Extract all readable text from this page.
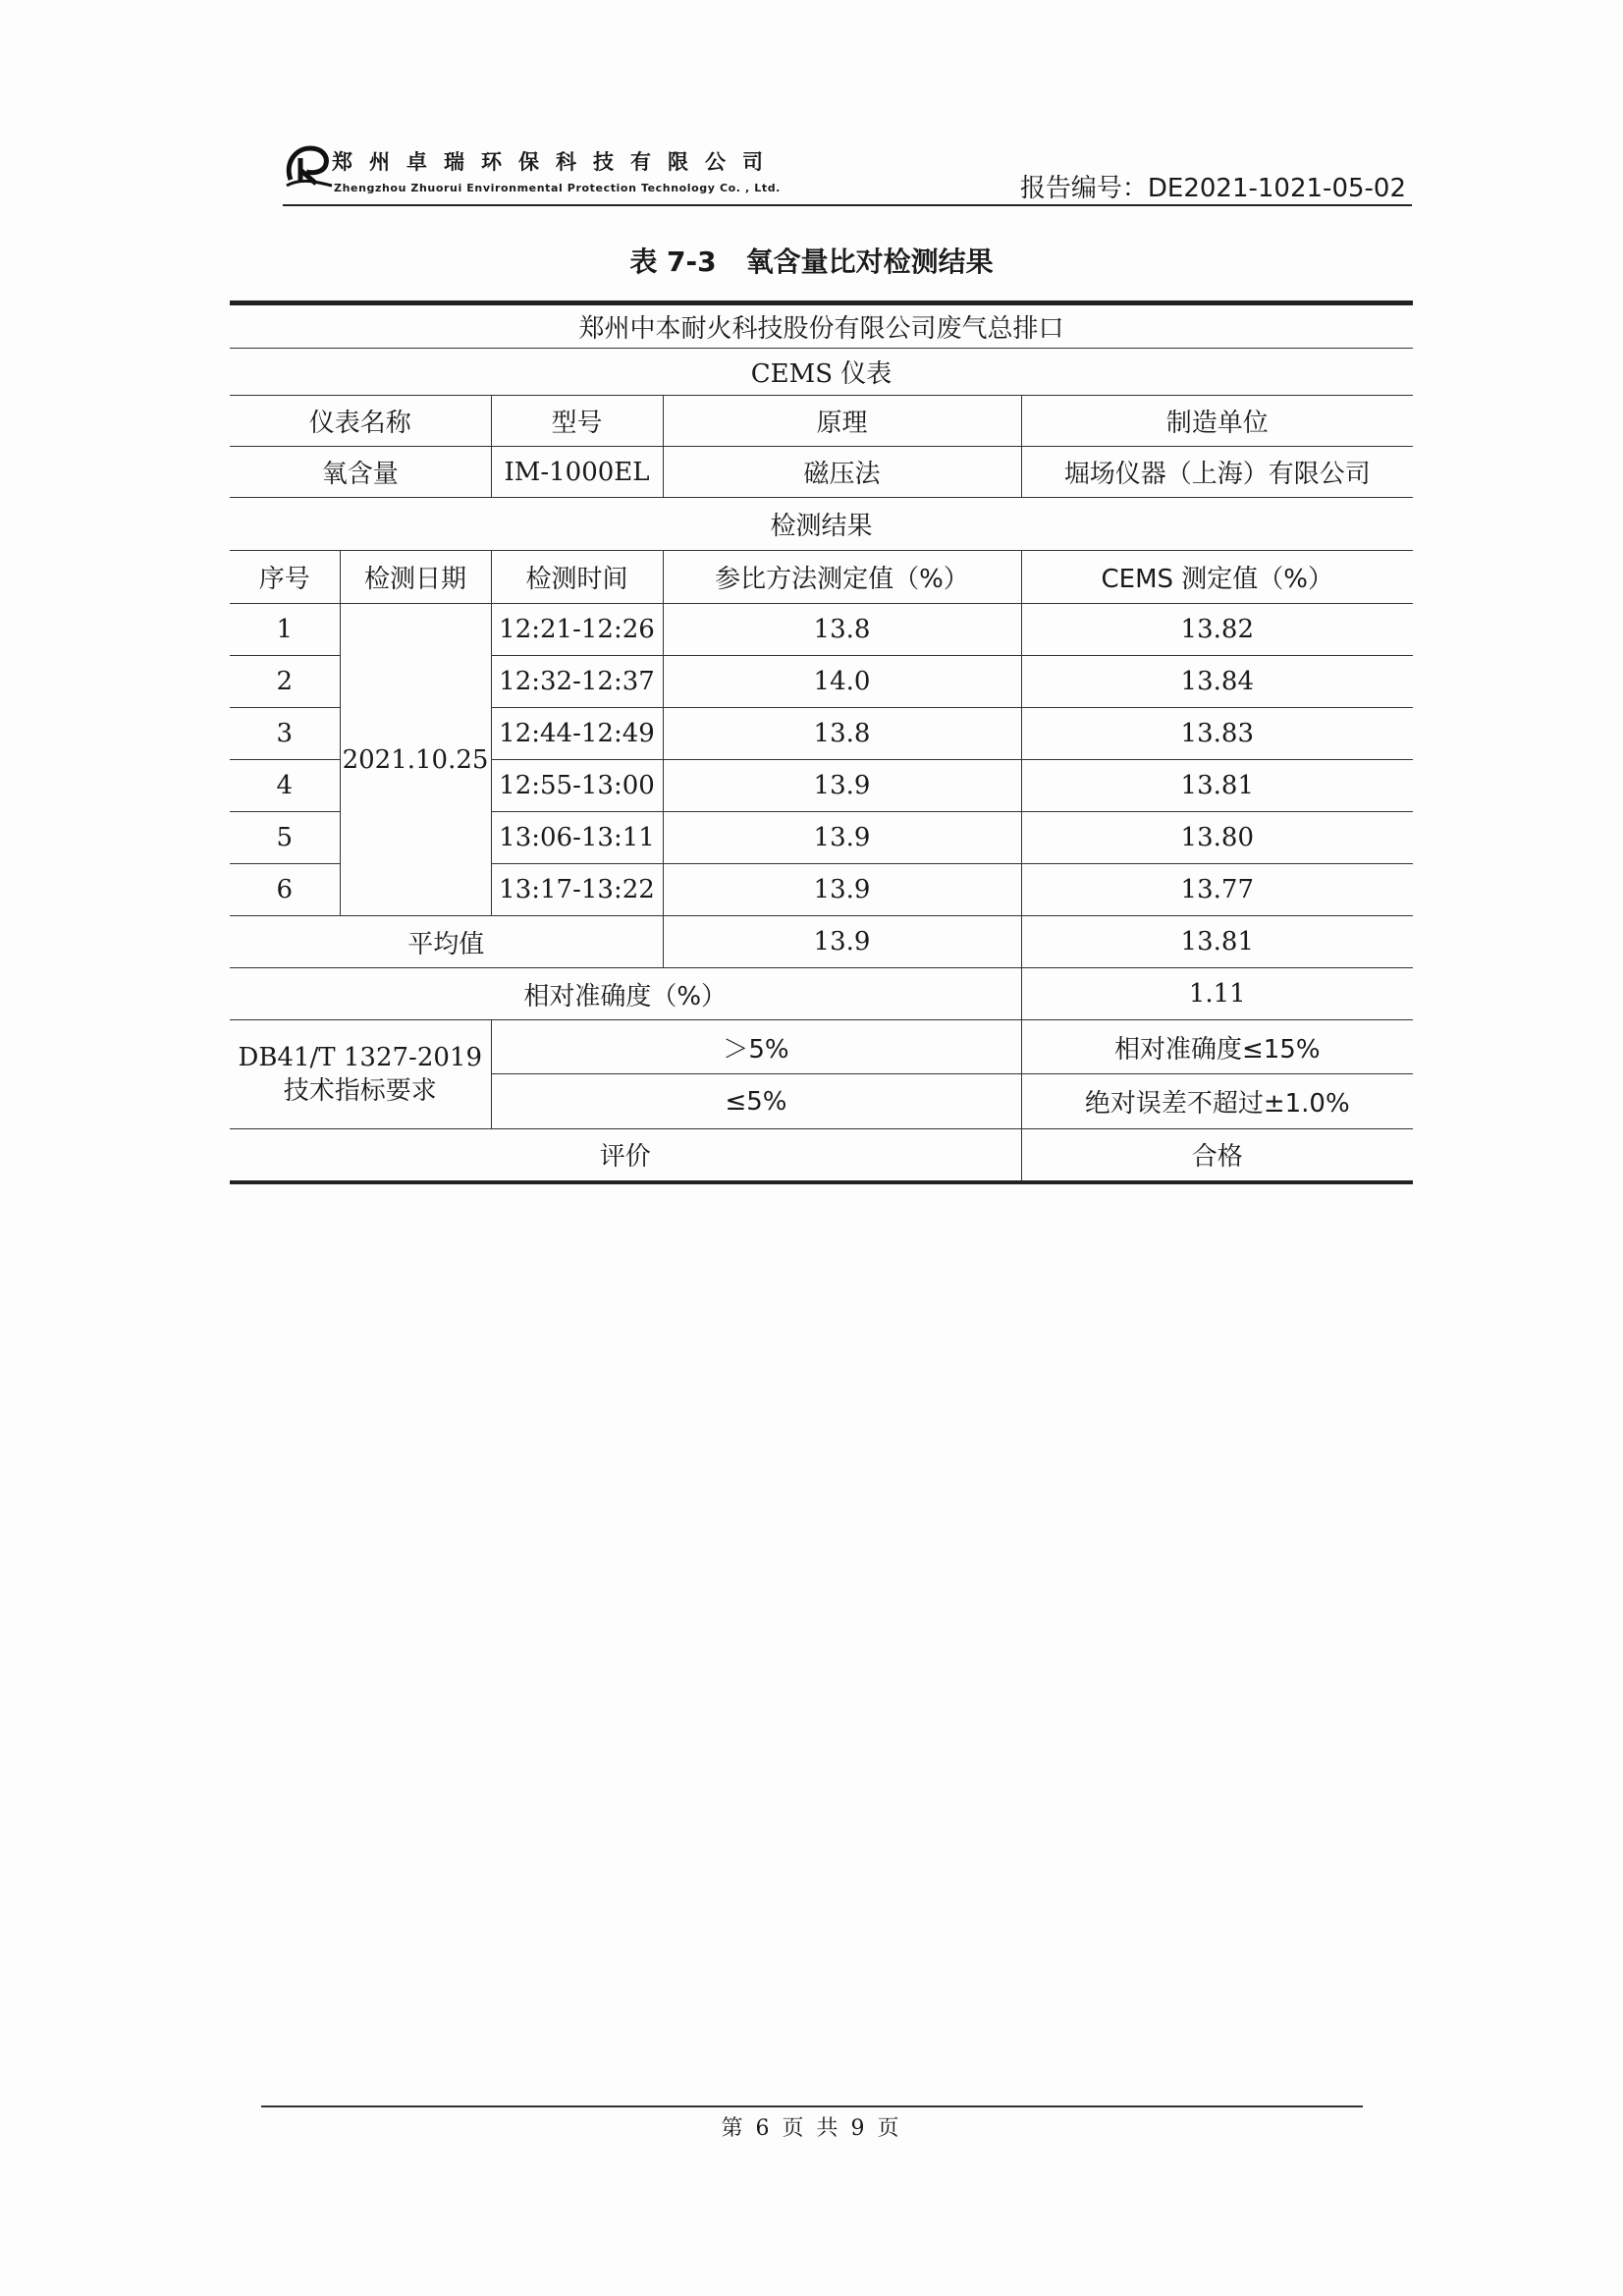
郑州卓瑞环保科技有限公司
Zhengzhou Zhuorui Environmental Protection Technology Co. , Ltd.	报告编号：DE2021-1021-05-02
表 7-3 氧含量比对检测结果
郑州中本耐火科技股份有限公司废气总排口				
CEMS 仪表				
仪表名称		型号	原理	制造单位
氧含量		IM-1000EL	磁压法	堀场仪器（上海）有限公司
检测结果				
序号	检测日期	检测时间	参比方法测定值（%）	CEMS 测定值（%）
1	2021.10.25	12:21-12:26	13.8	13.82
2		12:32-12:37	14.0	13.84
3		12:44-12:49	13.8	13.83
4		12:55-13:00	13.9	13.81
5		13:06-13:11	13.9	13.80
6		13:17-13:22	13.9	13.77
平均值			13.9	13.81
相对准确度（%）				1.11

DB41/T 1327-2019
技术指标要求		＞5%		相对准确度≤15%
		≤5%		绝对误差不超过±1.0%
评价				合格
第 6 页 共 9 页
